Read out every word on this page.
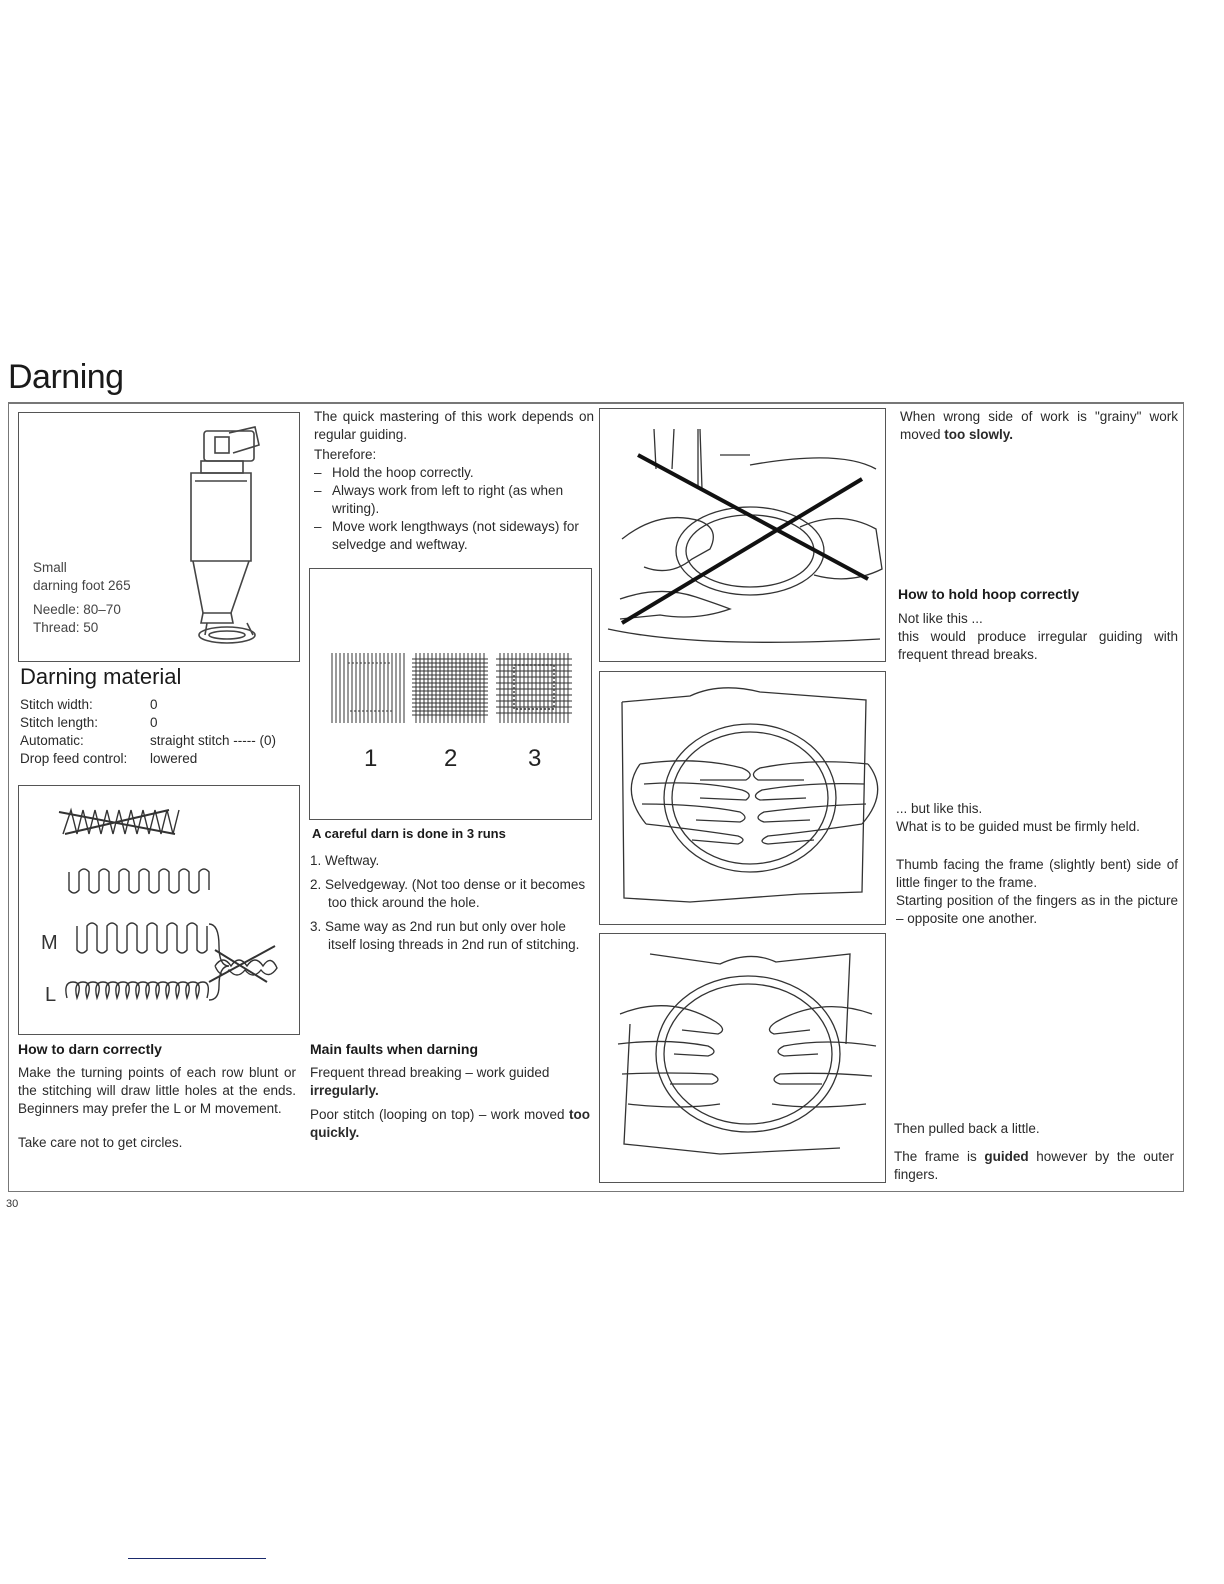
Darning
Small
darning foot 265
Needle: 80–70
Thread: 50
Darning material
Stitch width:	0
Stitch length:	0
Automatic:	straight stitch ----- (0)
Drop feed control:	lowered
M
L
How to darn correctly
Make the turning points of each row blunt or the stitching will draw little holes at the ends. Beginners may prefer the L or M movement.
Take care not to get circles.
The quick mastering of this work depends on regular guiding.
Therefore:
– Hold the hoop correctly.
– Always work from left to right (as when writing).
– Move work lengthways (not sideways) for selvedge and weftway.
1	2	3
A careful darn is done in 3 runs
1. Weftway.
2. Selvedgeway. (Not too dense or it becomes too thick around the hole.
3. Same way as 2nd run but only over hole itself losing threads in 2nd run of stitching.
Main faults when darning
Frequent thread breaking – work guided
irregularly.
Poor stitch (looping on top) – work moved too quickly.
When wrong side of work is "grainy" work moved too slowly.
How to hold hoop correctly
Not like this ...
this would produce irregular guiding with frequent thread breaks.
... but like this.
What is to be guided must be firmly held.
Thumb facing the frame (slightly bent) side of little finger to the frame.
Starting position of the fingers as in the picture – opposite one another.
Then pulled back a little.
The frame is guided however by the outer fingers.
30
